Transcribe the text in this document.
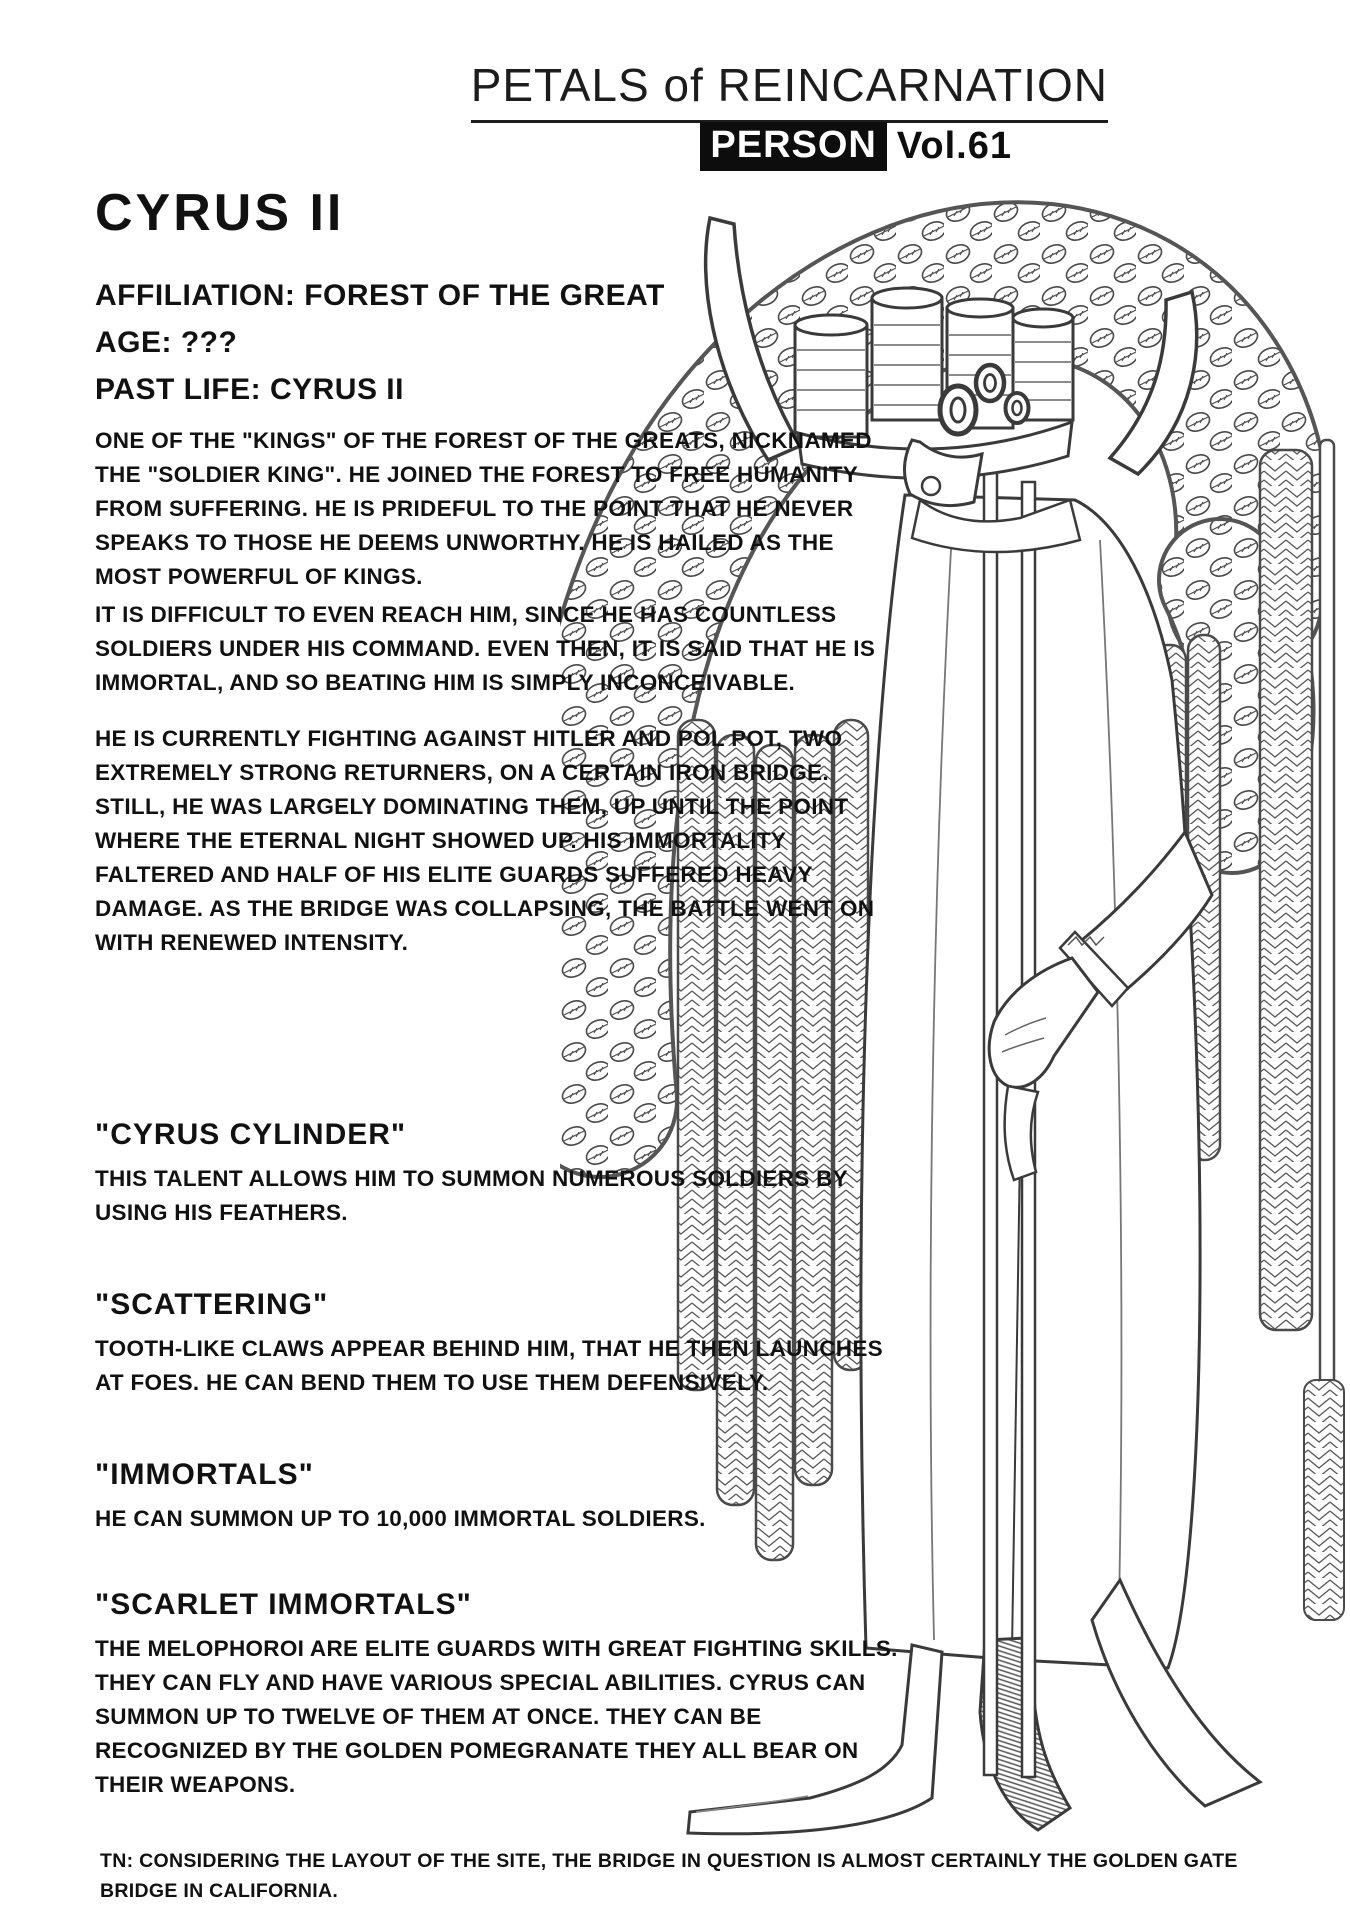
PETALS of REINCARNATION
PERSON Vol.61
CYRUS II
AFFILIATION: FOREST OF THE GREAT
AGE: ???
PAST LIFE: CYRUS II

ONE OF THE "KINGS" OF THE FOREST OF THE GREATS, NICKNAMED THE "SOLDIER KING". HE JOINED THE FOREST TO FREE HUMANITY FROM SUFFERING. HE IS PRIDEFUL TO THE POINT THAT HE NEVER SPEAKS TO THOSE HE DEEMS UNWORTHY. HE IS HAILED AS THE MOST POWERFUL OF KINGS.

IT IS DIFFICULT TO EVEN REACH HIM, SINCE HE HAS COUNTLESS SOLDIERS UNDER HIS COMMAND. EVEN THEN, IT IS SAID THAT HE IS IMMORTAL, AND SO BEATING HIM IS SIMPLY INCONCEIVABLE.

HE IS CURRENTLY FIGHTING AGAINST HITLER AND POL POT, TWO EXTREMELY STRONG RETURNERS, ON A CERTAIN IRON BRIDGE. STILL, HE WAS LARGELY DOMINATING THEM, UP UNTIL THE POINT WHERE THE ETERNAL NIGHT SHOWED UP. HIS IMMORTALITY FALTERED AND HALF OF HIS ELITE GUARDS SUFFERED HEAVY DAMAGE. AS THE BRIDGE WAS COLLAPSING, THE BATTLE WENT ON WITH RENEWED INTENSITY.

"CYRUS CYLINDER"

THIS TALENT ALLOWS HIM TO SUMMON NUMEROUS SOLDIERS BY USING HIS FEATHERS.

"SCATTERING"

TOOTH-LIKE CLAWS APPEAR BEHIND HIM, THAT HE THEN LAUNCHES AT FOES. HE CAN BEND THEM TO USE THEM DEFENSIVELY.

"IMMORTALS"

HE CAN SUMMON UP TO 10,000 IMMORTAL SOLDIERS.

"SCARLET IMMORTALS"

THE MELOPHOROI ARE ELITE GUARDS WITH GREAT FIGHTING SKILLS. THEY CAN FLY AND HAVE VARIOUS SPECIAL ABILITIES. CYRUS CAN SUMMON UP TO TWELVE OF THEM AT ONCE. THEY CAN BE RECOGNIZED BY THE GOLDEN POMEGRANATE THEY ALL BEAR ON THEIR WEAPONS.

TN: CONSIDERING THE LAYOUT OF THE SITE, THE BRIDGE IN QUESTION IS ALMOST CERTAINLY THE GOLDEN GATE BRIDGE IN CALIFORNIA.
